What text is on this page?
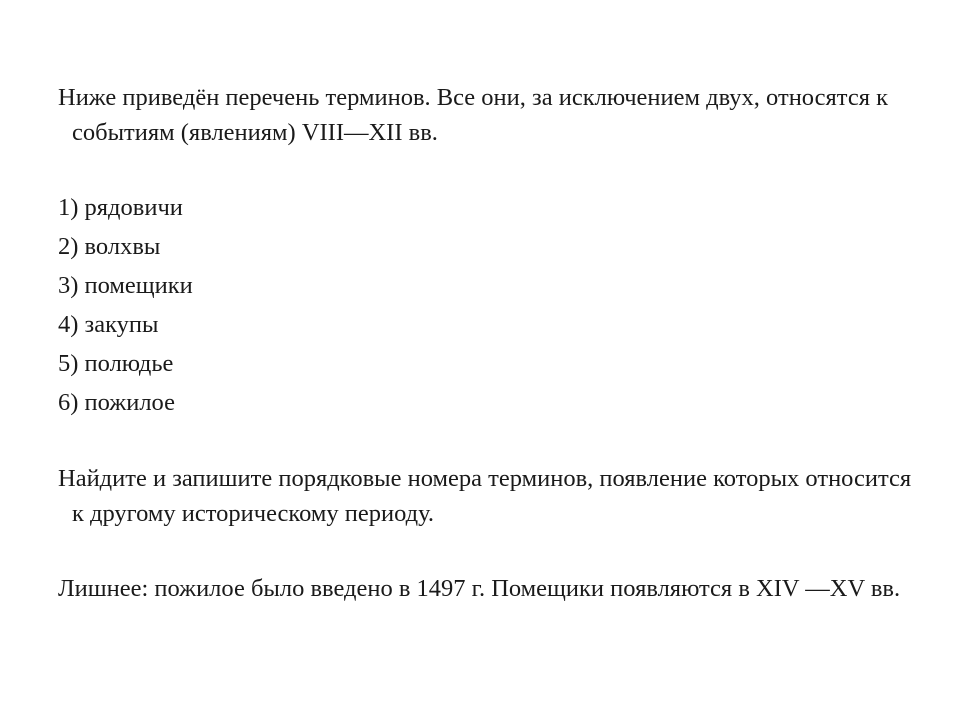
Ниже приведён перечень терминов. Все они, за исключением двух, относятся к событиям (явлениям) VIII—XII вв.

1) рядовичи
2) волхвы
3) помещики
4) закупы
5) полюдье
6) пожилое

Найдите и запишите порядковые номера терминов, появление которых относится к другому историческому периоду.

Лишнее: пожилое было введено в 1497 г. Помещики появляются в XIV —XV вв.
